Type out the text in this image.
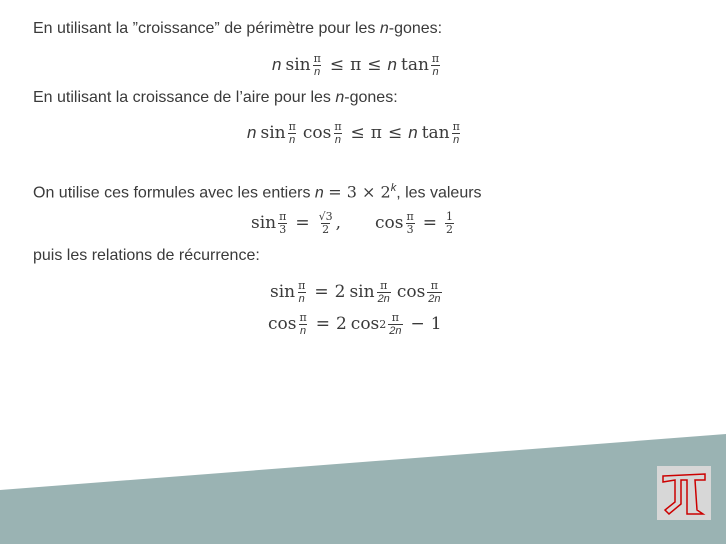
En utilisant la ”croissance” de périmètre pour les n-gones:
n $\sin \frac{\pi}{n} \le \pi \le n$ $\tan \frac{\pi}{n}$
En utilisant la croissance de l’aire pour les n-gones:
n $\sin \frac{\pi}{n}$ $\cos \frac{\pi}{n} \le \pi \le n$ $\tan \frac{\pi}{n}$
On utilise ces formules avec les entiers $n = 3 \times 2^k$, les valeurs
$\sin \frac{\pi}{3} = \frac{√3}{2}$ , $\cos \frac{\pi}{3} = \frac{1}{2}$
puis les relations de récurrence:
$\sin \frac{\pi}{n} = 2$ $\sin \frac{\pi}{2n}$ $\cos \frac{\pi}{2n}$
$\cos \frac{\pi}{n} = 2$ $\cos 2 \frac{\pi}{2n} - 1$
